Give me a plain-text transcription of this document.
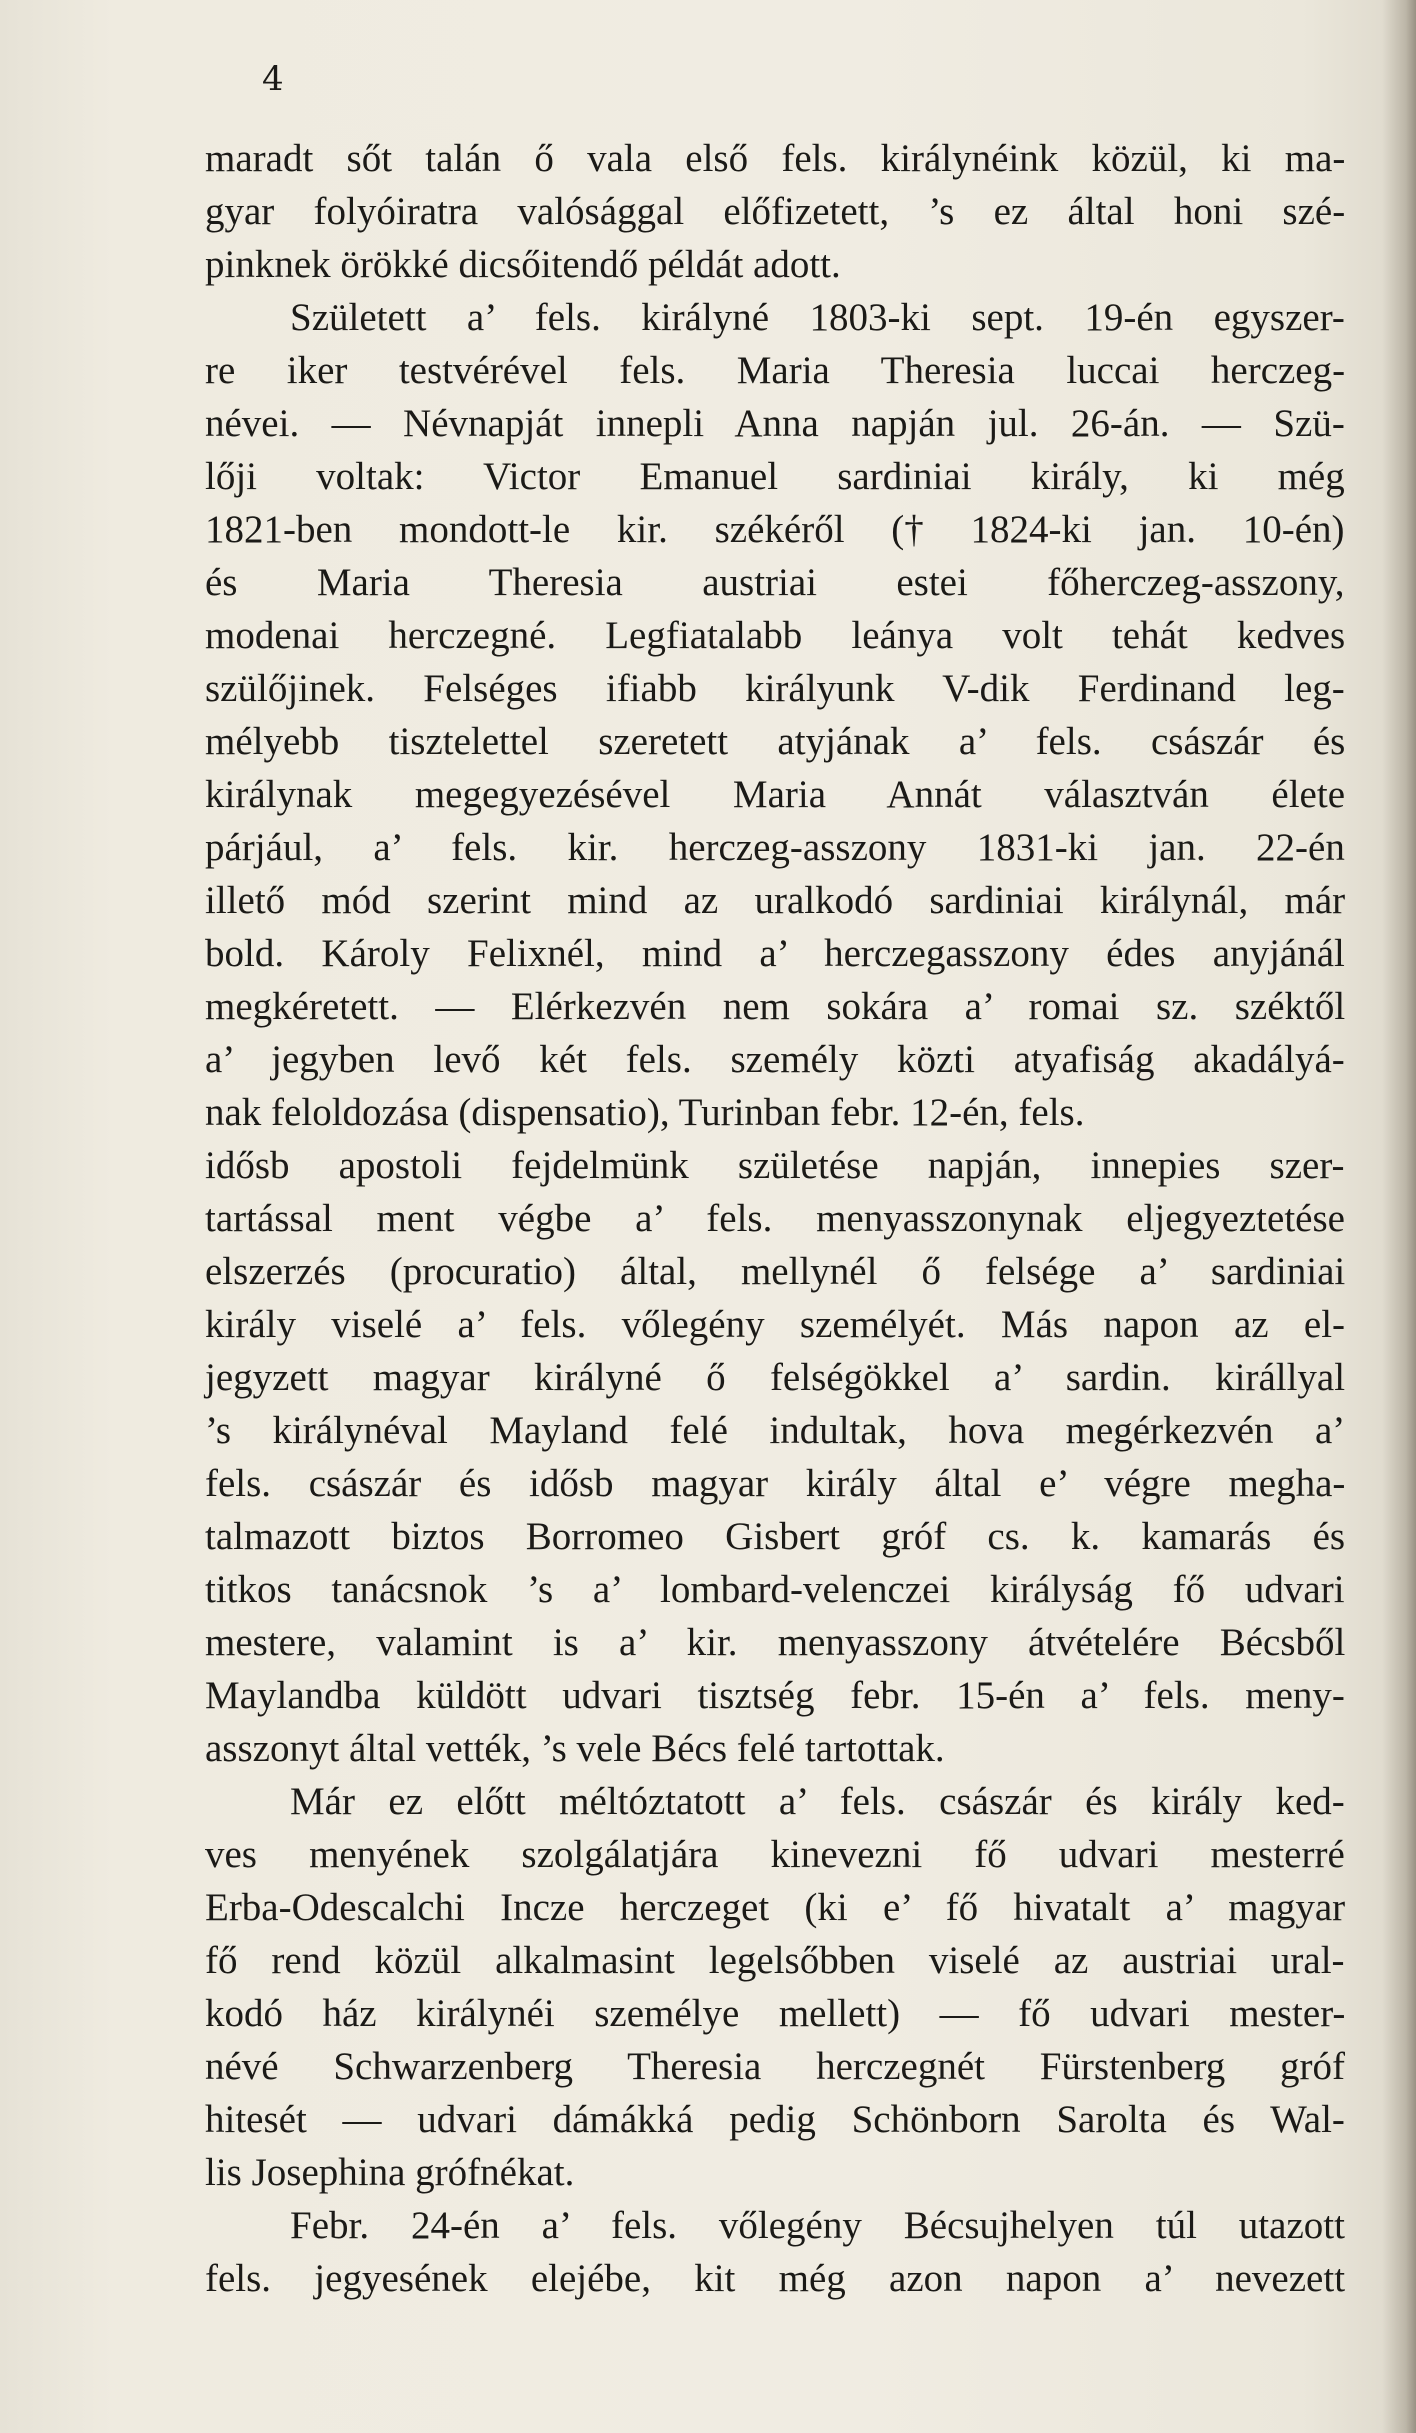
4
maradt sőt talán ő vala első fels. királynéink közül, ki ma-
gyar folyóiratra valósággal előfizetett, ’s ez által honi szé-
pinknek örökké dicsőitendő példát adott.
Született a’ fels. királyné 1803-ki sept. 19-én egyszer-
re iker testvérével fels. Maria Theresia luccai herczeg-
névei. — Névnapját innepli Anna napján jul. 26-án. — Szü-
lőji voltak: Victor Emanuel sardiniai király, ki még
1821-ben mondott-le kir. székéről († 1824-ki jan. 10-én)
és Maria Theresia austriai estei főherczeg-asszony,
modenai herczegné. Legfiatalabb leánya volt tehát kedves
szülőjinek. Felséges ifiabb királyunk V-dik Ferdinand leg-
mélyebb tisztelettel szeretett atyjának a’ fels. császár és
királynak megegyezésével Maria Annát választván élete
párjául, a’ fels. kir. herczeg-asszony 1831-ki jan. 22-én
illető mód szerint mind az uralkodó sardiniai királynál, már
bold. Károly Felixnél, mind a’ herczegasszony édes anyjánál
megkéretett. — Elérkezvén nem sokára a’ romai sz. széktől
a’ jegyben levő két fels. személy közti atyafiság akadályá-
nak feloldozása (dispensatio), Turinban febr. 12-én, fels.
idősb apostoli fejdelmünk születése napján, innepies szer-
tartással ment végbe a’ fels. menyasszonynak eljegyeztetése
elszerzés (procuratio) által, mellynél ő felsége a’ sardiniai
király viselé a’ fels. vőlegény személyét. Más napon az el-
jegyzett magyar királyné ő felségökkel a’ sardin. királlyal
’s királynéval Mayland felé indultak, hova megérkezvén a’
fels. császár és idősb magyar király által e’ végre megha-
talmazott biztos Borromeo Gisbert gróf cs. k. kamarás és
titkos tanácsnok ’s a’ lombard-velenczei királyság fő udvari
mestere, valamint is a’ kir. menyasszony átvételére Bécsből
Maylandba küldött udvari tisztség febr. 15-én a’ fels. meny-
asszonyt által vették, ’s vele Bécs felé tartottak.
Már ez előtt méltóztatott a’ fels. császár és király ked-
ves menyének szolgálatjára kinevezni fő udvari mesterré
Erba-Odescalchi Incze herczeget (ki e’ fő hivatalt a’ magyar
fő rend közül alkalmasint legelsőbben viselé az austriai ural-
kodó ház királynéi személye mellett) — fő udvari mester-
névé Schwarzenberg Theresia herczegnét Fürstenberg gróf
hitesét — udvari dámákká pedig Schönborn Sarolta és Wal-
lis Josephina grófnékat.
Febr. 24-én a’ fels. vőlegény Bécsujhelyen túl utazott
fels. jegyesének elejébe, kit még azon napon a’ nevezett
